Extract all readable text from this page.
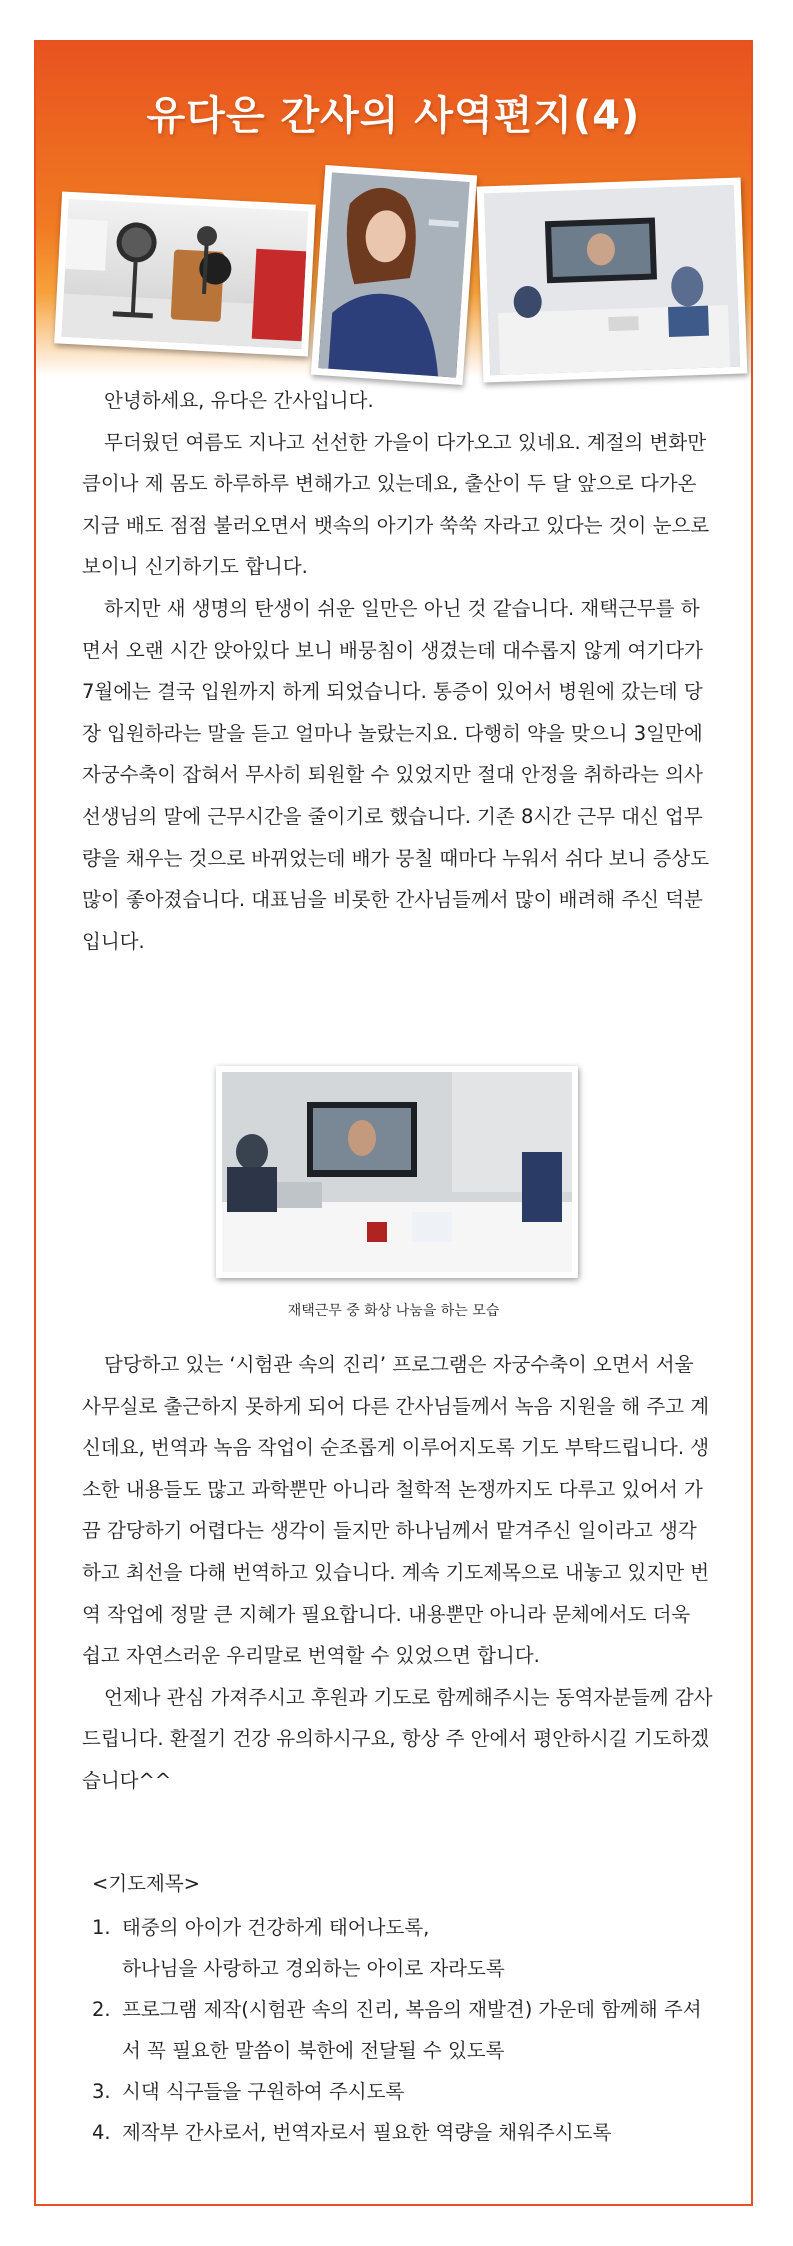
유다은 간사의 사역편지(4)

안녕하세요, 유다은 간사입니다.

무더웠던 여름도 지나고 선선한 가을이 다가오고 있네요. 계절의 변화만큼이나 제 몸도 하루하루 변해가고 있는데요, 출산이 두 달 앞으로 다가온 지금 배도 점점 불러오면서 뱃속의 아기가 쑥쑥 자라고 있다는 것이 눈으로 보이니 신기하기도 합니다.

하지만 새 생명의 탄생이 쉬운 일만은 아닌 것 같습니다. 재택근무를 하면서 오랜 시간 앉아있다 보니 배뭉침이 생겼는데 대수롭지 않게 여기다가 7월에는 결국 입원까지 하게 되었습니다. 통증이 있어서 병원에 갔는데 당장 입원하라는 말을 듣고 얼마나 놀랐는지요. 다행히 약을 맞으니 3일만에 자궁수축이 잡혀서 무사히 퇴원할 수 있었지만 절대 안정을 취하라는 의사선생님의 말에 근무시간을 줄이기로 했습니다. 기존 8시간 근무 대신 업무량을 채우는 것으로 바뀌었는데 배가 뭉칠 때마다 누워서 쉬다 보니 증상도 많이 좋아졌습니다. 대표님을 비롯한 간사님들께서 많이 배려해 주신 덕분입니다.

재택근무 중 화상 나눔을 하는 모습

담당하고 있는 ‘시험관 속의 진리’ 프로그램은 자궁수축이 오면서 서울 사무실로 출근하지 못하게 되어 다른 간사님들께서 녹음 지원을 해 주고 계신데요, 번역과 녹음 작업이 순조롭게 이루어지도록 기도 부탁드립니다. 생소한 내용들도 많고 과학뿐만 아니라 철학적 논쟁까지도 다루고 있어서 가끔 감당하기 어렵다는 생각이 들지만 하나님께서 맡겨주신 일이라고 생각하고 최선을 다해 번역하고 있습니다. 계속 기도제목으로 내놓고 있지만 번역 작업에 정말 큰 지혜가 필요합니다. 내용뿐만 아니라 문체에서도 더욱 쉽고 자연스러운 우리말로 번역할 수 있었으면 합니다.

언제나 관심 가져주시고 후원과 기도로 함께해주시는 동역자분들께 감사드립니다. 환절기 건강 유의하시구요, 항상 주 안에서 평안하시길 기도하겠습니다^^

<기도제목>
1. 태중의 아이가 건강하게 태어나도록,
하나님을 사랑하고 경외하는 아이로 자라도록
2. 프로그램 제작(시험관 속의 진리, 복음의 재발견) 가운데 함께해 주셔서 꼭 필요한 말씀이 북한에 전달될 수 있도록
3. 시댁 식구들을 구원하여 주시도록
4. 제작부 간사로서, 번역자로서 필요한 역량을 채워주시도록
